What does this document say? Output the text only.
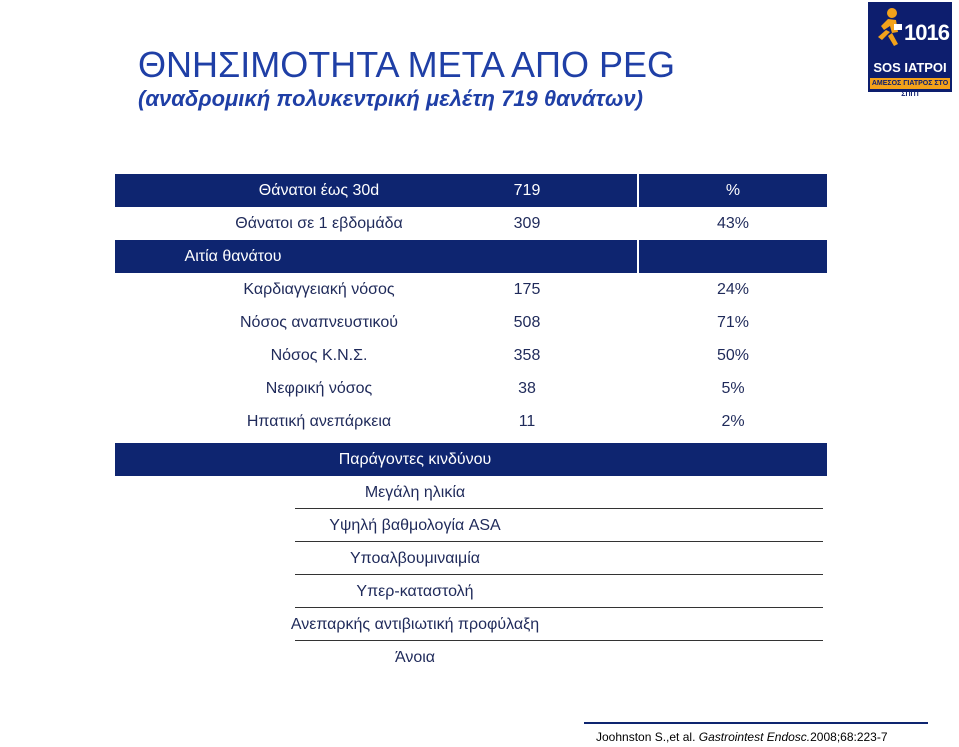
ΘΝΗΣΙΜΟΤΗΤΑ ΜΕΤΑ ΑΠΟ PEG
(αναδρομική πολυκεντρική μελέτη 719 θανάτων)
1016
SOS ΙΑΤΡΟΙ
ΑΜΕΣΟΣ ΓΙΑΤΡΟΣ ΣΤΟ ΣΠΙΤΙ
Θάνατοι έως 30d	719	%
Θάνατοι σε 1 εβδομάδα	309	43%
Αιτία θανάτου
Καρδιαγγειακή νόσος	175	24%
Νόσος αναπνευστικού	508	71%
Νόσος Κ.Ν.Σ.	358	50%
Νεφρική νόσος	38	5%
Ηπατική ανεπάρκεια	11	2%
Παράγοντες κινδύνου
Μεγάλη ηλικία
Υψηλή βαθμολογία ASA
Υποαλβουμιναιμία
Υπερ-καταστολή
Ανεπαρκής αντιβιωτική προφύλαξη
Άνοια
Joohnston S.,et al. Gastrointest Endosc.2008;68:223-7
